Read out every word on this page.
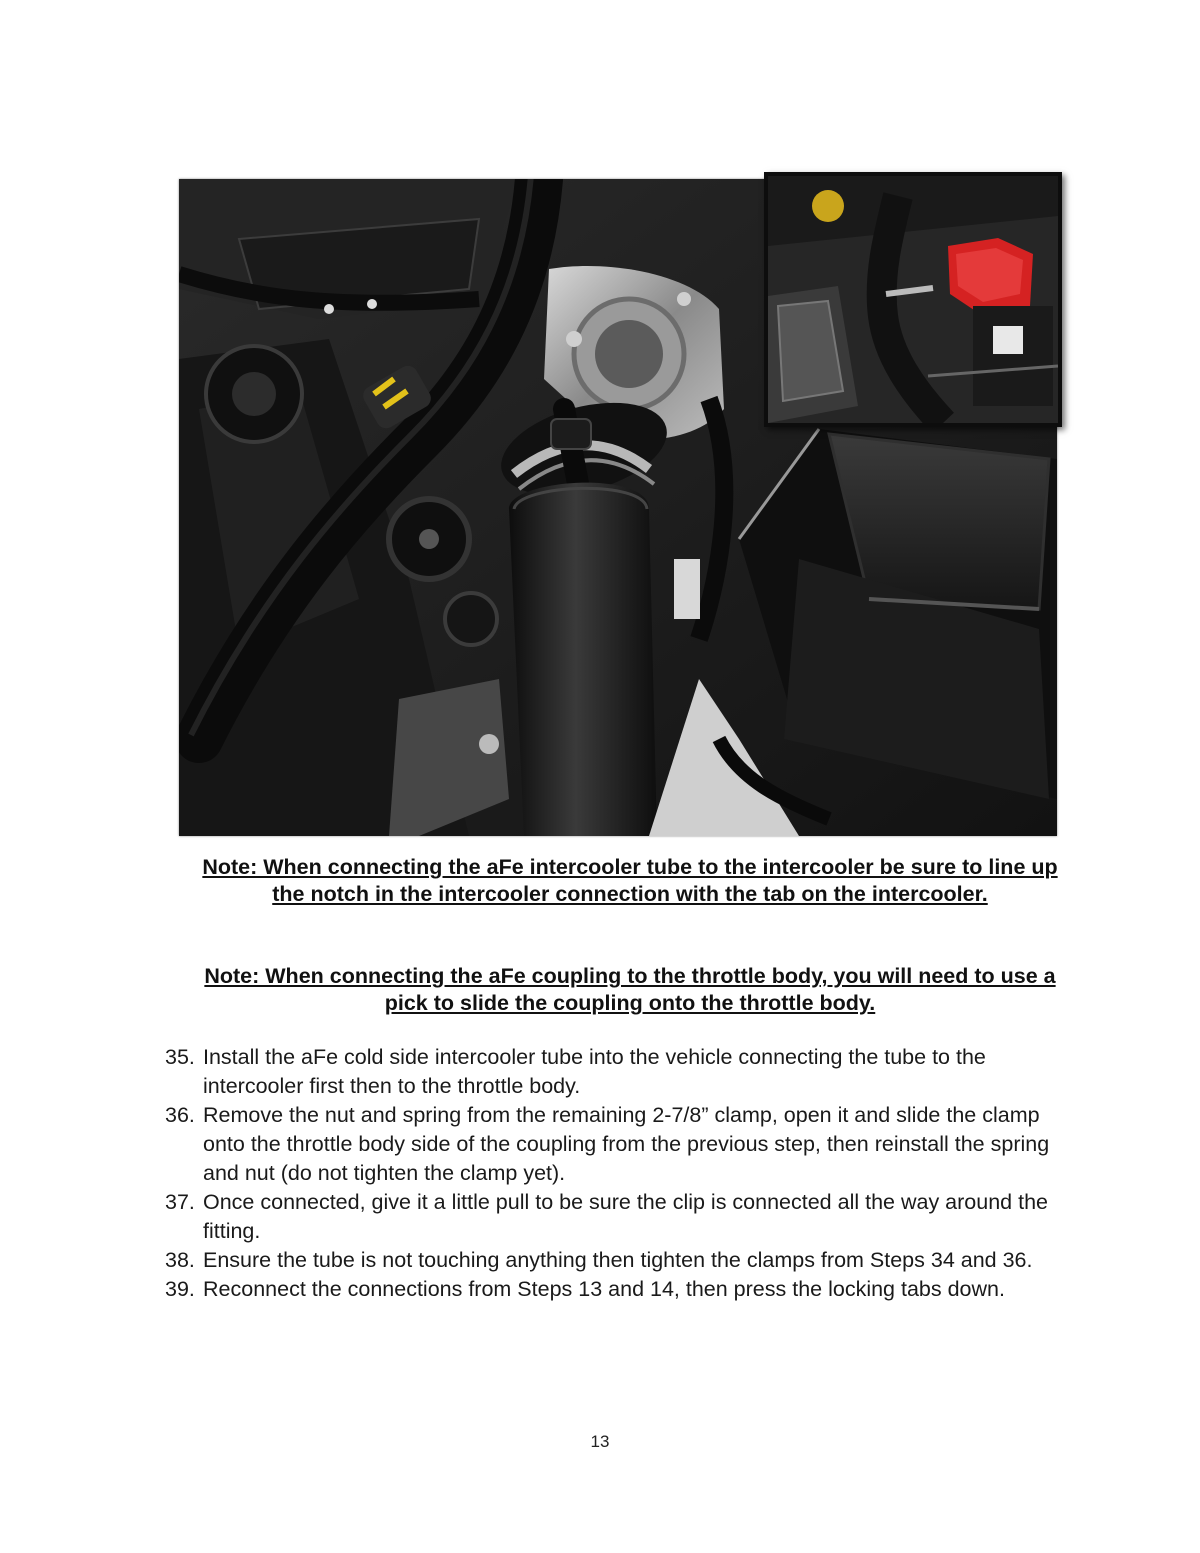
Note: When connecting the aFe intercooler tube to the intercooler be sure to line up the notch in the intercooler connection with the tab on the intercooler.
Note: When connecting the aFe coupling to the throttle body, you will need to use a pick to slide the coupling onto the throttle body.
35. Install the aFe cold side intercooler tube into the vehicle connecting the tube to the intercooler first then to the throttle body.
36. Remove the nut and spring from the remaining 2-7/8” clamp, open it and slide the clamp onto the throttle body side of the coupling from the previous step, then reinstall the spring and nut (do not tighten the clamp yet).
37. Once connected, give it a little pull to be sure the clip is connected all the way around the fitting.
38. Ensure the tube is not touching anything then tighten the clamps from Steps 34 and 36.
39. Reconnect the connections from Steps 13 and 14, then press the locking tabs down.
13
